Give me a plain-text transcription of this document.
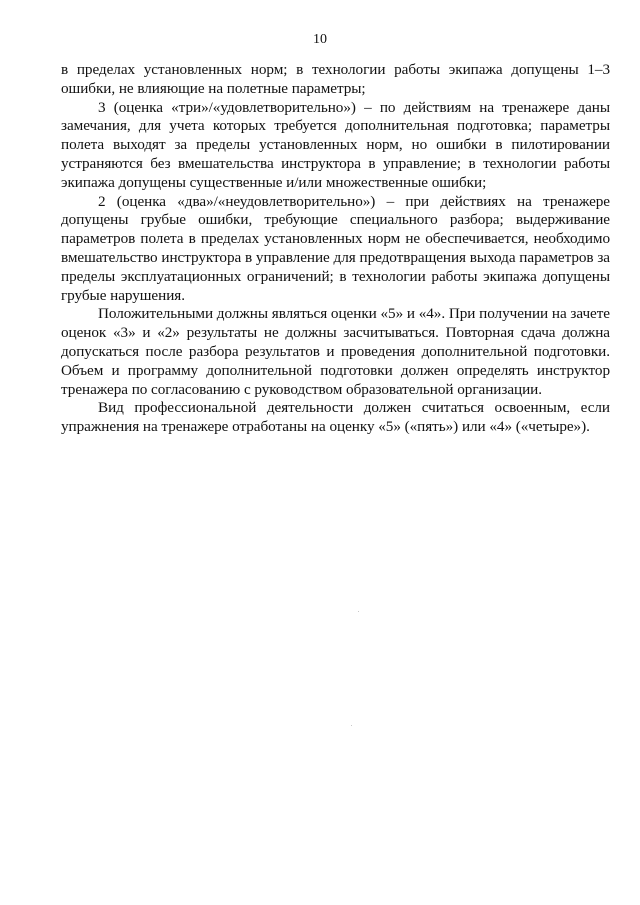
10

в пределах установленных норм; в технологии работы экипажа допущены 1–3 ошибки, не влияющие на полетные параметры;

3 (оценка «три»/«удовлетворительно») – по действиям на тренажере даны замечания, для учета которых требуется дополнительная подготовка; параметры полета выходят за пределы установленных норм, но ошибки в пилотировании устраняются без вмешательства инструктора в управление; в технологии работы экипажа допущены существенные и/или множественные ошибки;

2 (оценка «два»/«неудовлетворительно») – при действиях на тренажере допущены грубые ошибки, требующие специального разбора; выдерживание параметров полета в пределах установленных норм не обеспечивается, необходимо вмешательство инструктора в управление для предотвращения выхода параметров за пределы эксплуатационных ограничений; в технологии работы экипажа допущены грубые нарушения.

Положительными должны являться оценки «5» и «4». При получении на зачете оценок «3» и «2» результаты не должны засчитываться. Повторная сдача должна допускаться после разбора результатов и проведения дополнительной подготовки. Объем и программу дополнительной подготовки должен определять инструктор тренажера по согласованию с руководством образовательной организации.

Вид профессиональной деятельности должен считаться освоенным, если упражнения на тренажере отработаны на оценку «5» («пять») или «4» («четыре»).
